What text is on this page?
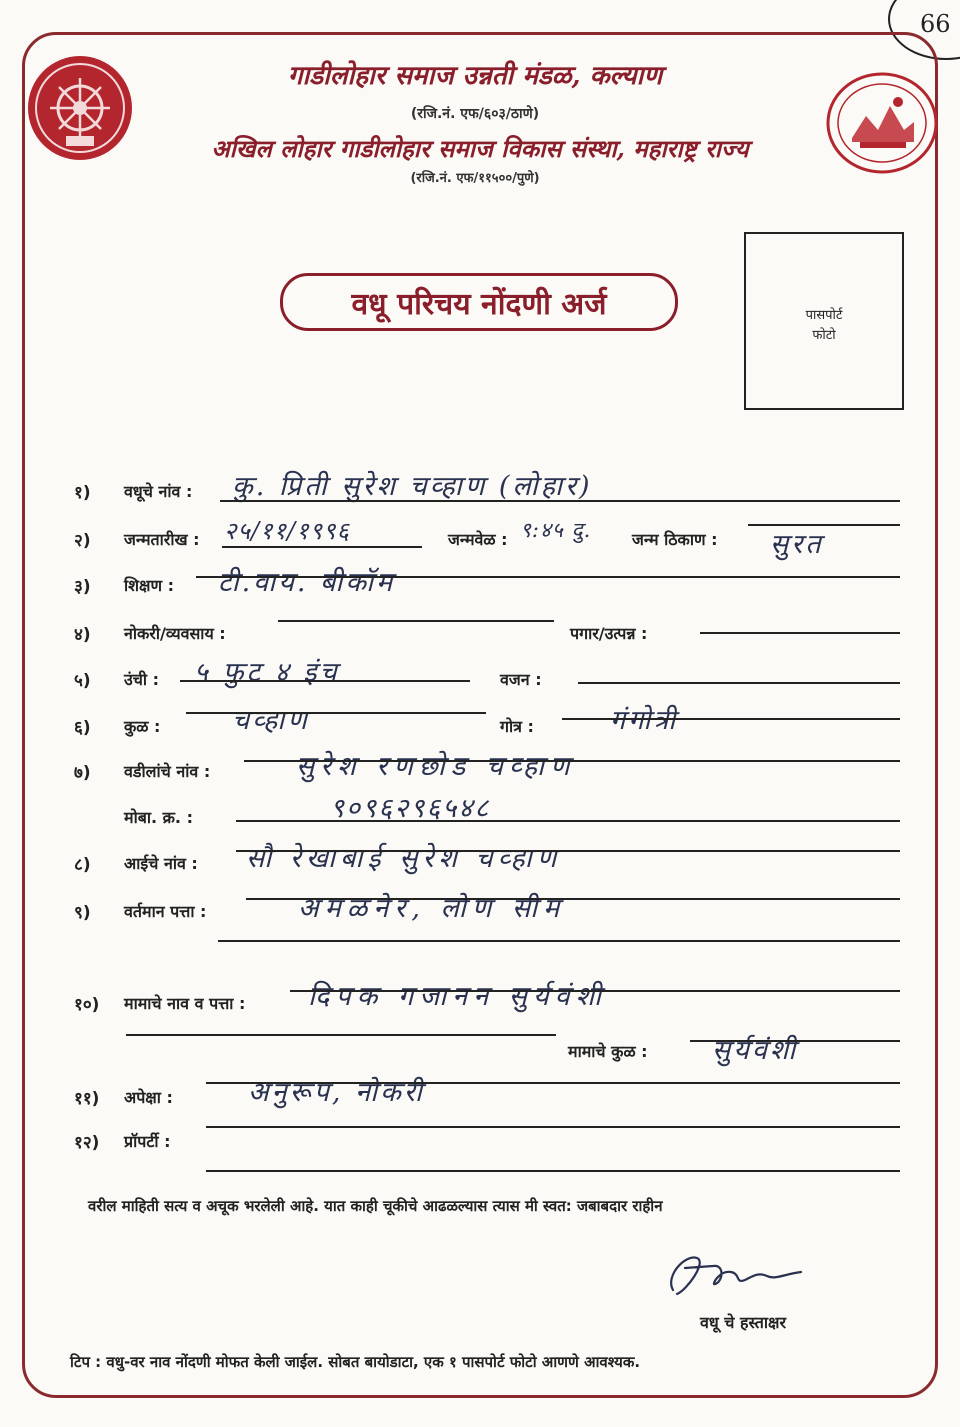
66
गाडीलोहार समाज उन्नती मंडळ, कल्याण
(रजि.नं. एफ/६०३/ठाणे)
अखिल लोहार गाडीलोहार समाज विकास संस्था, महाराष्ट्र राज्य
(रजि.नं. एफ/११५००/पुणे)
वधू परिचय नोंदणी अर्ज	पासपोर्ट
फोटो
१) वधूचे नांव : कु. प्रिती सुरेश चव्हाण (लोहार)
२) जन्मतारीख : २५/११/१९९६	जन्मवेळ : ९:४५ दु.	जन्म ठिकाण : सुरत
३) शिक्षण : टी.वाय. बीकॉम
४) नोकरी/व्यवसाय :	पगार/उत्पन्न :
५) उंची : ५ फुट ४ इंच	वजन :
६) कुळ :	चव्हाण	गोत्र :	गंगोत्री
७) वडीलांचे नांव :	सुरेश रणछोड चव्हाण
मोबा. क्र. :	९०९६२९६५४८
८) आईचे नांव : सौ रेखाबाई सुरेश चव्हाण
९) वर्तमान पत्ता :	अमळनेर, लोण सीम
१०) मामाचे नाव व पत्ता : दिपक गजानन सुर्यवंशी
मामाचे कुळ : सुर्यवंशी
११) अपेक्षा :	अनुरूप, नोकरी
१२) प्रॉपर्टी :
वरील माहिती सत्य व अचूक भरलेली आहे. यात काही चूकीचे आढळल्यास त्यास मी स्वत: जबाबदार राहीन
वधू चे हस्ताक्षर
टिप : वधु-वर नाव नोंदणी मोफत केली जाईल. सोबत बायोडाटा, एक १ पासपोर्ट फोटो आणणे आवश्यक.
